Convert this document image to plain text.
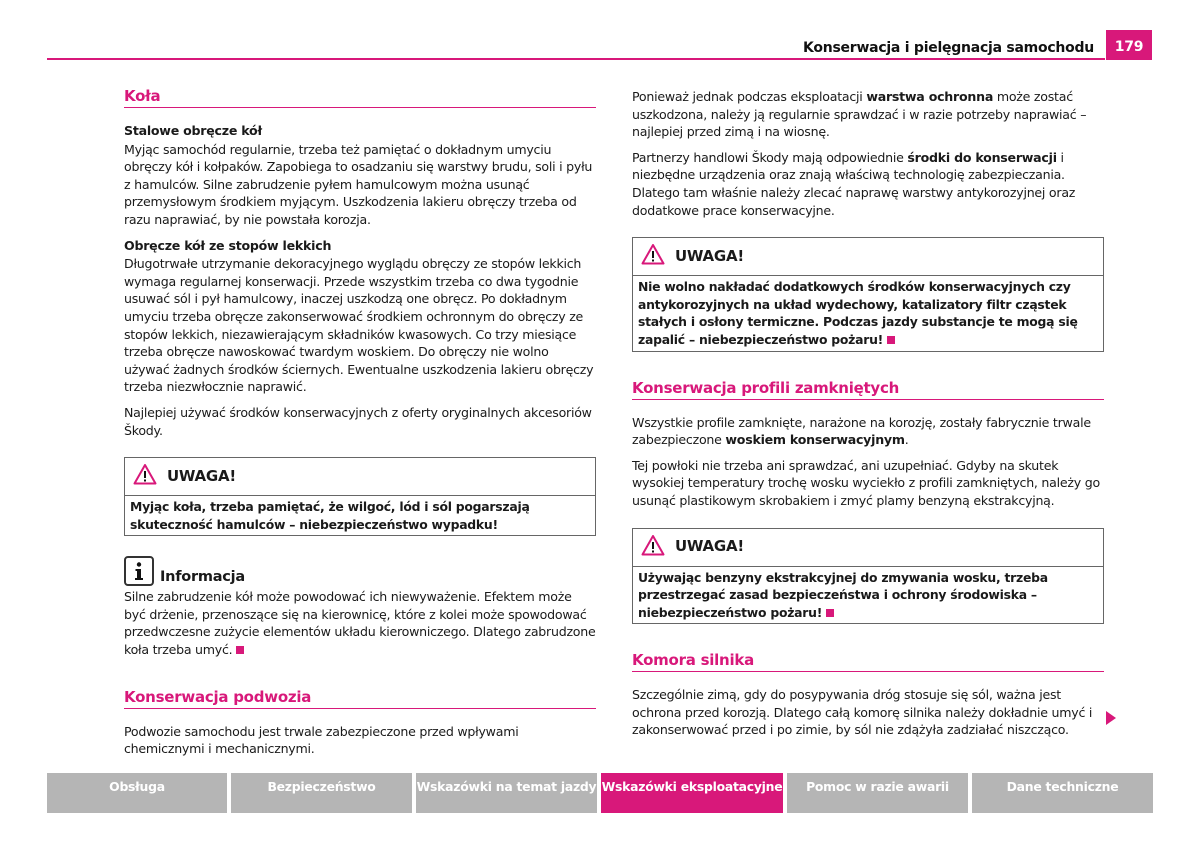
Konserwacja i pielęgnacja samochodu	179
Koła
Stalowe obręcze kół

Myjąc samochód regularnie, trzeba też pamiętać o dokładnym umyciu obręczy kół i kołpaków. Zapobiega to osadzaniu się warstwy brudu, soli i pyłu z hamulców. Silne zabrudzenie pyłem hamulcowym można usunąć przemysłowym środkiem myjącym. Uszkodzenia lakieru obręczy trzeba od razu naprawiać, by nie powstała korozja.

Obręcze kół ze stopów lekkich

Długotrwałe utrzymanie dekoracyjnego wyglądu obręczy ze stopów lekkich wymaga regularnej konserwacji. Przede wszystkim trzeba co dwa tygodnie usuwać sól i pył hamulcowy, inaczej uszkodzą one obręcz. Po dokładnym umyciu trzeba obręcze zakonserwować środkiem ochronnym do obręczy ze stopów lekkich, niezawierającym składników kwasowych. Co trzy miesiące trzeba obręcze nawoskować twardym woskiem. Do obręczy nie wolno używać żadnych środków ściernych. Ewentualne uszkodzenia lakieru obręczy trzeba niezwłocznie naprawić.

Najlepiej używać środków konserwacyjnych z oferty oryginalnych akcesoriów Škody.

UWAGA!
Myjąc koła, trzeba pamiętać, że wilgoć, lód i sól pogarszają skuteczność hamulców – niebezpieczeństwo wypadku!
Informacja

Silne zabrudzenie kół może powodować ich niewyważenie. Efektem może być drżenie, przenoszące się na kierownicę, które z kolei może spowodować przedwczesne zużycie elementów układu kierowniczego. Dlatego zabrudzone koła trzeba umyć.

Konserwacja podwozia

Podwozie samochodu jest trwale zabezpieczone przed wpływami chemicznymi i mechanicznymi.

Ponieważ jednak podczas eksploatacji warstwa ochronna może zostać uszkodzona, należy ją regularnie sprawdzać i w razie potrzeby naprawiać – najlepiej przed zimą i na wiosnę.

Partnerzy handlowi Škody mają odpowiednie środki do konserwacji i niezbędne urządzenia oraz znają właściwą technologię zabezpieczania. Dlatego tam właśnie należy zlecać naprawę warstwy antykorozyjnej oraz dodatkowe prace konserwacyjne.

UWAGA!
Nie wolno nakładać dodatkowych środków konserwacyjnych czy antykorozyjnych na układ wydechowy, katalizatory filtr cząstek stałych i osłony termiczne. Podczas jazdy substancje te mogą się zapalić – niebezpieczeństwo pożaru!
Konserwacja profili zamkniętych

Wszystkie profile zamknięte, narażone na korozję, zostały fabrycznie trwale zabezpieczone woskiem konserwacyjnym.

Tej powłoki nie trzeba ani sprawdzać, ani uzupełniać. Gdyby na skutek wysokiej temperatury trochę wosku wyciekło z profili zamkniętych, należy go usunąć plastikowym skrobakiem i zmyć plamy benzyną ekstrakcyjną.

UWAGA!
Używając benzyny ekstrakcyjnej do zmywania wosku, trzeba przestrzegać zasad bezpieczeństwa i ochrony środowiska – niebezpieczeństwo pożaru!
Komora silnika

Szczególnie zimą, gdy do posypywania dróg stosuje się sól, ważna jest ochrona przed korozją. Dlatego całą komorę silnika należy dokładnie umyć i zakonserwować przed i po zimie, by sól nie zdążyła zadziałać niszcząco.

Obsługa	Bezpieczeństwo	Wskazówki na temat jazdy Wskazówki eksploatacyjne	Pomoc w razie awarii	Dane techniczne
